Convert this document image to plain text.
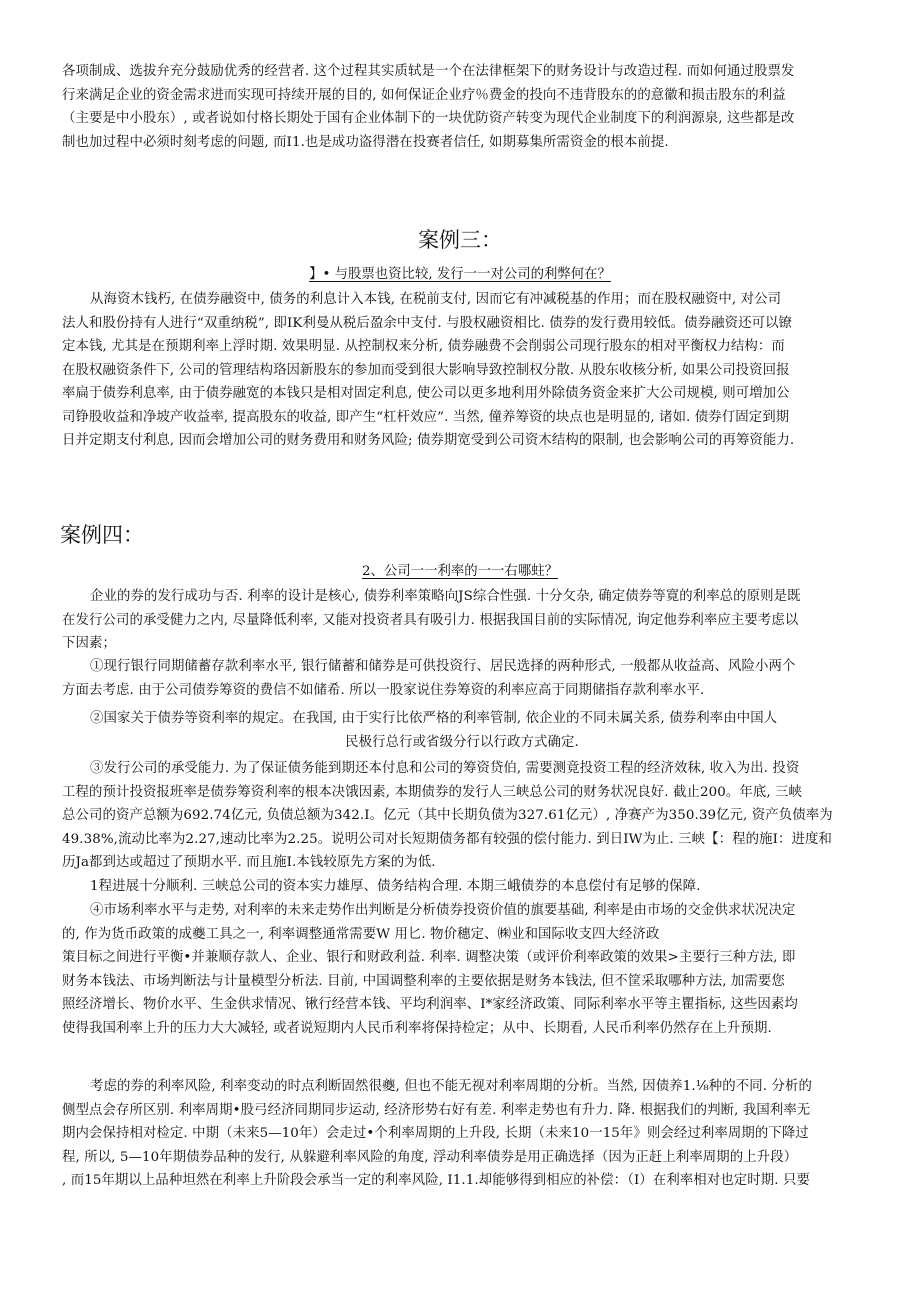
各项制成、选拔弁充分鼓励优秀的经营者. 这个过程其实质轼是一个在法律框架下的财务设计与改造过程. 而如何通过股票发
行来满足企业的资金需求进而实现可持续开展的目的, 如何保证企业疗％费金的投向不违背股东的的意徽和损击股东的利益
（主要是中小股东）, 或者说如付格长期处于国有企业体制下的一块优防资产转变为现代企业制度下的利润源泉, 这些都是改
制也加过程中必须时刻考虑的问题, 而I1.也是成功盗得潜在投赛者信任, 如期募集所需资金的根本前提.
案例三：
】• 与股票也资比较, 发行一一对公司的利弊何在？
从海资木钱朽, 在债券融资中, 债务的利息计入本钱, 在税前支付, 因而它有冲减税基的作用；而在股权融资中, 对公司
法人和股份持有人进行“双重纳税”, 即IK利曼从税后盈余中支付. 与股权融资相比. 债券的发行费用较低。债券融资还可以镣
定本钱, 尤其是在预期利率上浮时期. 效果明显. 从控制权来分析, 债券融费不会削弱公司现行股东的相对平衡权力结构：而
在股权融资条件下, 公司的管理结构珞因新股东的参加而受到很大影响导致控制权分散. 从股东收核分析, 如果公司投资回报
率扁于债券利息率, 由于债券融宽的本钱只是相对固定利息, 使公司以更多地利用外除债务资金来扩大公司规模, 则可増加公
司铮股收益和净坡产收益率, 提高股东的收益, 即产生“杠杆效应”. 当然, 僮养筹资的块点也是明显的, 诸如. 债券仃固定到期
日并定期支付利息, 因而会增加公司的财务费用和财务风险; 债券期宽受到公司资木结构的限制, 也会影响公司的再筹资能力.
案例四：
2、公司一一利率的一一右哪蛀？
企业的券的发行成功与否. 利率的设计是核心, 债券利率策略向JS综合性强. 十分攵杂, 确定债券等寛的利率总的原则是既
在发行公司的承受健力之内, 尽量降低利率, 又能对投资者具有吸引力. 根据我国目前的实际情况, 询定他券利率应主要考虑以
下因素；
①现行银行同期储蓄存款利率水平, 银行储蓄和储券是可供投资行、居民选择的两种形式, 一般都从收益高、风险小两个
方面去考虑. 由于公司债券筹资的费信不如储希. 所以一股家说住券筹资的利率应高于同期储指存款利率水平.
②国家关于债券等资利率的規定。在我国, 由于实行比依严格的利率管制, 依企业的不同未属关系, 债券利率由中国人
民极行总行或省级分行以行政方式确定.
③发行公司的承受能力. 为了保证债务能到期还本付息和公司的筹资贷伯, 需要测竟投资工程的经济效秣, 收入为出. 投资
工程的预计投资报班率是债券筹资利率的根本决饿因素, 本期债券的发行人三峡总公司的财务状况良好. 截止200。年底, 三峡
总公司的资产总额为692.74亿元, 负债总额为342.I。亿元（其中长期负债为327.61亿元）, 净赛产为350.39亿元, 资产负债率为
49.38%,流动比率为2.27,速动比率为2.25。说明公司对长短期债务都有较强的偿付能力. 到日IW为止. 三峡【：程的施I：进度和
历Ja都到达或超过了预期水平. 而且施I.本钱较原先方案的为低.
1程进展十分顺利. 三峡总公司的资本实力雄厚、债务结构合理. 本期三峨债券的本息偿付有足够的保障.
④市场利率水平与走势, 对利率的未来走势作出判断是分析债券投资价值的旗要基础, 利率是由市场的交金供求状况决定
的, 作为货币政策的成夔工具之一, 利率调整通常需要W 用匕. 物价穗定、㈱业和国际收支四大经济政
策目标之间进行平衡•并兼顺存款人、企业、银行和财政利益. 利率. 调整决策（或评价利率政策的效果>主要行三种方法, 即
财务本钱法、市场判断法与计量模型分析法. 目前, 中国调整利率的主要依据是财务本钱法, 但不筐采取哪种方法, 加需要您
照经济增长、物价水平、生金供求情况、锹行经营本钱、平均利润率、I*家经济政策、同际利率水平等主瞿指标, 这些因素均
使得我国利率上升的压力大大减轻, 或者说短期内人民币利率将保持检定；从中、长期看, 人民币利率仍然存在上升预期.
考虑的券的利率风险, 利率变动的时点利断固然很夔, 但也不能无视对利率周期的分析。当然, 因债养1.⅛种的不同. 分析的
侧型点会存所区别. 利率周期•股弓经济同期同步运动, 经济形势右好有差. 利率走势也有升力. 降. 根据我们的判断, 我国利率无
期内会保持相对检定. 中期（未来5—10年）会走过•个利率周期的上升段, 长期（未来10一15年》则会经过利率周期的下降过
程, 所以, 5—10年期债券品种的发行, 从躲避利率风险的角度, 浮动利率债券是用正确选择（因为正赶上利率周期的上升段）
, 而15年期以上品种坦然在利率上升阶段会承当一定的利率风险, I1.1.却能够得到相应的补偿：（I）在利率相对也定时期. 只要
